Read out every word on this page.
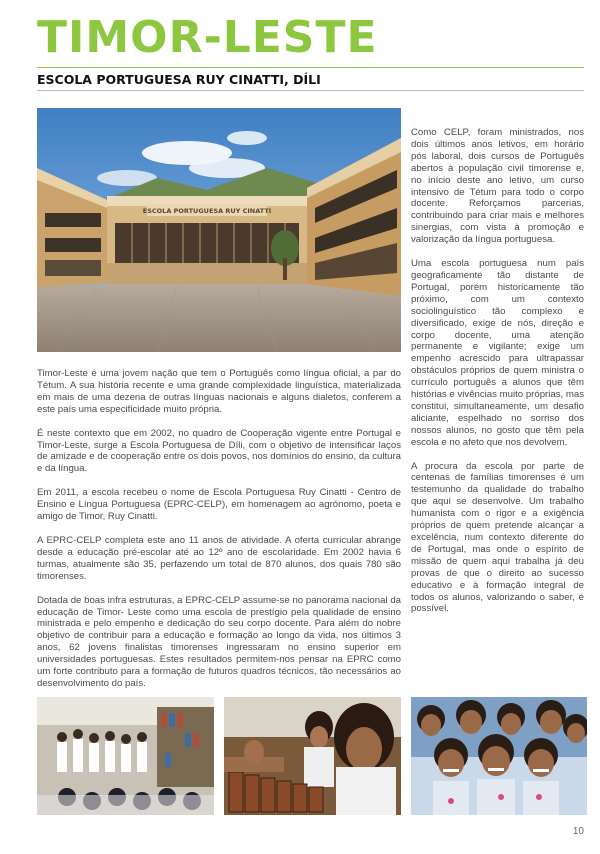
TIMOR-LESTE
ESCOLA PORTUGUESA RUY CINATTI, DÍLI
ESCOLA PORTUGUESA RUY CINATTI

Timor-Leste é uma jovem nação que tem o Português como língua oficial, a par do Tétum. A sua história recente e uma grande complexidade linguística, materializada em mais de uma dezena de outras línguas nacionais e alguns dialetos, conferem a este país uma especificidade muito própria.

É neste contexto que em 2002, no quadro de Cooperação vigente entre Portugal e Timor-Leste, surge a Escola Portuguesa de Díli, com o objetivo de intensificar laços de amizade e de cooperação entre os dois povos, nos domínios do ensino, da cultura e da língua.

Em 2011, a escola recebeu o nome de Escola Portuguesa Ruy Cinatti - Centro de Ensino e Língua Portuguesa (EPRC-CELP), em homenagem ao agrónomo, poeta e amigo de Timor, Ruy Cinatti.

A EPRC-CELP completa este ano 11 anos de atividade. A oferta curricular abrange desde a educação pré-escolar até ao 12º ano de escolaridade. Em 2002 havia 6 turmas, atualmente são 35, perfazendo um total de 870 alunos, dos quais 780 são timorenses.

Dotada de boas infra estruturas, a EPRC-CELP assume-se no panorama nacional da educação de Timor- Leste como uma escola de prestígio pela qualidade de ensino ministrada e pelo empenho e dedicação do seu corpo docente. Para além do nobre objetivo de contribuir para a educação e formação ao longo da vida, nos últimos 3 anos, 62 jovens finalistas timorenses ingressaram no ensino superior em universidades portuguesas. Estes resultados permitem-nos pensar na EPRC como um forte contributo para a formação de futuros quadros técnicos, tão necessários ao desenvolvimento do país.

Como CELP, foram ministrados, nos dois últimos anos letivos, em horário pós laboral, dois cursos de Português abertos à população civil timorense e, no início deste ano letivo, um curso intensivo de Tétum para todo o corpo docente. Reforçamos parcerias, contribuindo para criar mais e melhores sinergias, com vista à promoção e valorização da língua portuguesa.

Uma escola portuguesa num país geograficamente tão distante de Portugal, porém historicamente tão próximo, com um contexto sociolinguístico tão complexo e diversificado, exige de nós, direção e corpo docente, uma atenção permanente e vigilante; exige um empenho acrescido para ultrapassar obstáculos próprios de quem ministra o currículo português a alunos que têm histórias e vivências muito próprias, mas constitui, simultaneamente, um desafio aliciante, espelhado no sorriso dos nossos alunos, no gosto que têm pela escola e no afeto que nos devolvem.

A procura da escola por parte de centenas de famílias timorenses é um testemunho da qualidade do trabalho que aqui se desenvolve. Um trabalho humanista com o rigor e a exigência próprios de quem pretende alcançar a excelência, num contexto diferente do de Portugal, mas onde o espírito de missão de quem aqui trabalha já deu provas de que o direito ao sucesso educativo e à formação integral de todos os alunos, valorizando o saber, é possível.

10
